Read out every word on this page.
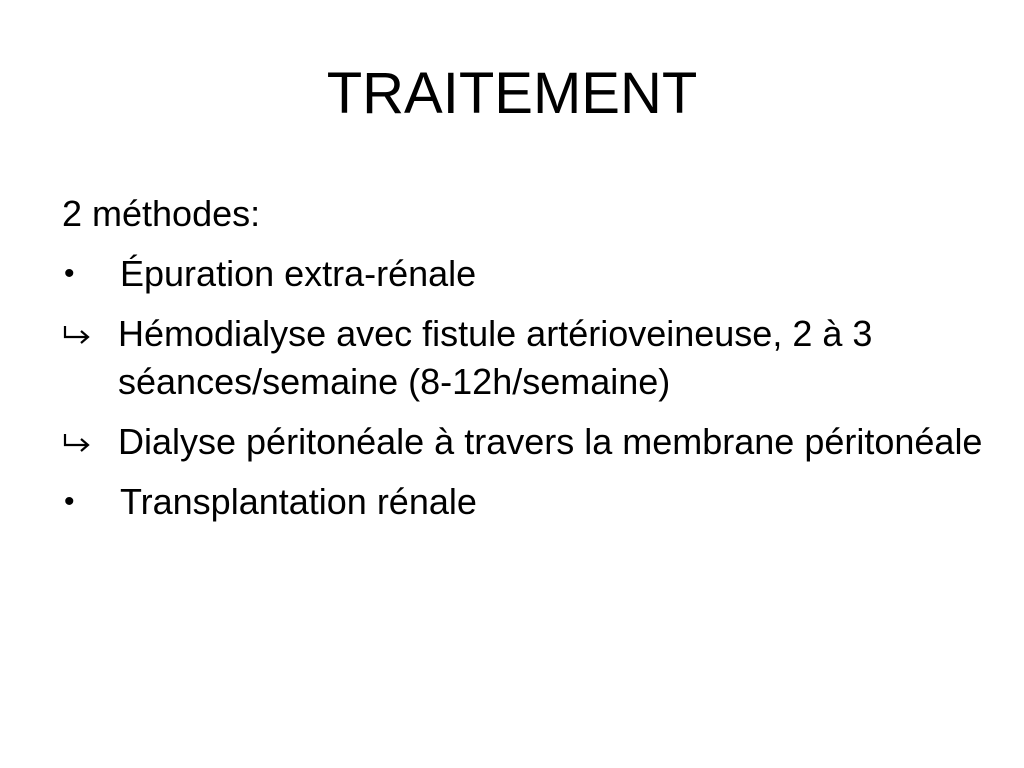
TRAITEMENT

2 méthodes:

•	Épuration extra-rénale
Hémodialyse avec fistule artérioveineuse, 2 à 3 séances/semaine (8-12h/semaine)
Dialyse péritonéale à travers la membrane péritonéale
•	Transplantation rénale
